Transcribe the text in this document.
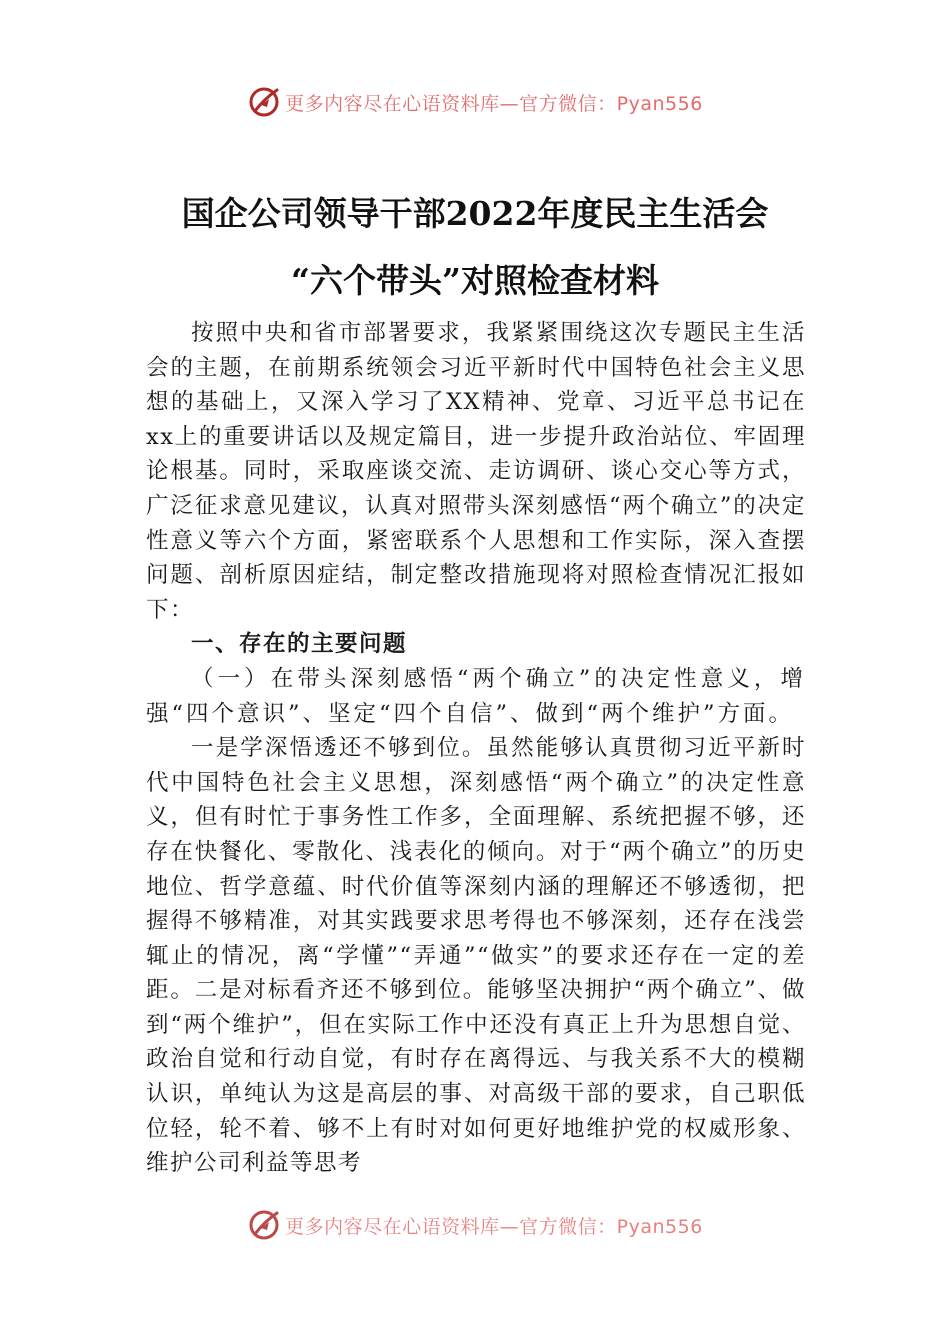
更多内容尽在心语资料库—官方微信：Pyan556
国企公司领导干部2022年度民主生活会
“六个带头”对照检查材料

按照中央和省市部署要求，我紧紧围绕这次专题民主生活会的主题，在前期系统领会习近平新时代中国特色社会主义思想的基础上，又深入学习了XX精神、党章、习近平总书记在xx上的重要讲话以及规定篇目，进一步提升政治站位、牢固理论根基。同时，采取座谈交流、走访调研、谈心交心等方式，广泛征求意见建议，认真对照带头深刻感悟“两个确立”的决定性意义等六个方面，紧密联系个人思想和工作实际，深入查摆问题、剖析原因症结，制定整改措施现将对照检查情况汇报如下：

一、存在的主要问题

（一）在带头深刻感悟“两个确立”的决定性意义，增强“四个意识”、坚定“四个自信”、做到“两个维护”方面。

一是学深悟透还不够到位。虽然能够认真贯彻习近平新时代中国特色社会主义思想，深刻感悟“两个确立”的决定性意义，但有时忙于事务性工作多，全面理解、系统把握不够，还存在快餐化、零散化、浅表化的倾向。对于“两个确立”的历史地位、哲学意蕴、时代价值等深刻内涵的理解还不够透彻，把握得不够精准，对其实践要求思考得也不够深刻，还存在浅尝辄止的情况，离“学懂”“弄通”“做实”的要求还存在一定的差距。二是对标看齐还不够到位。能够坚决拥护“两个确立”、做到“两个维护”，但在实际工作中还没有真正上升为思想自觉、政治自觉和行动自觉，有时存在离得远、与我关系不大的模糊认识，单纯认为这是高层的事、对高级干部的要求，自己职低位轻，轮不着、够不上有时对如何更好地维护党的权威形象、维护公司利益等思考

更多内容尽在心语资料库—官方微信：Pyan556
